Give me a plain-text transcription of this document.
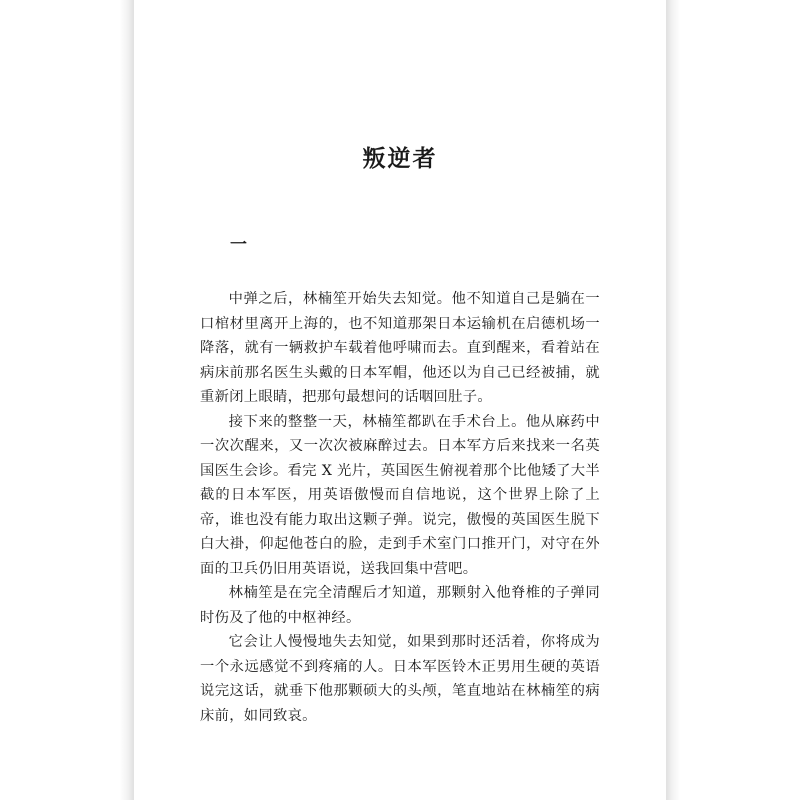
叛逆者
一

中弹之后，林楠笙开始失去知觉。他不知道自己是躺在一口棺材里离开上海的，也不知道那架日本运输机在启德机场一降落，就有一辆救护车载着他呼啸而去。直到醒来，看着站在病床前那名医生头戴的日本军帽，他还以为自己已经被捕，就重新闭上眼睛，把那句最想问的话咽回肚子。

接下来的整整一天，林楠笙都趴在手术台上。他从麻药中一次次醒来，又一次次被麻醉过去。日本军方后来找来一名英国医生会诊。看完 X 光片，英国医生俯视着那个比他矮了大半截的日本军医，用英语傲慢而自信地说，这个世界上除了上帝，谁也没有能力取出这颗子弹。说完，傲慢的英国医生脱下白大褂，仰起他苍白的脸，走到手术室门口推开门，对守在外面的卫兵仍旧用英语说，送我回集中营吧。

林楠笙是在完全清醒后才知道，那颗射入他脊椎的子弹同时伤及了他的中枢神经。

它会让人慢慢地失去知觉，如果到那时还活着，你将成为一个永远感觉不到疼痛的人。日本军医铃木正男用生硬的英语说完这话，就垂下他那颗硕大的头颅，笔直地站在林楠笙的病床前，如同致哀。
